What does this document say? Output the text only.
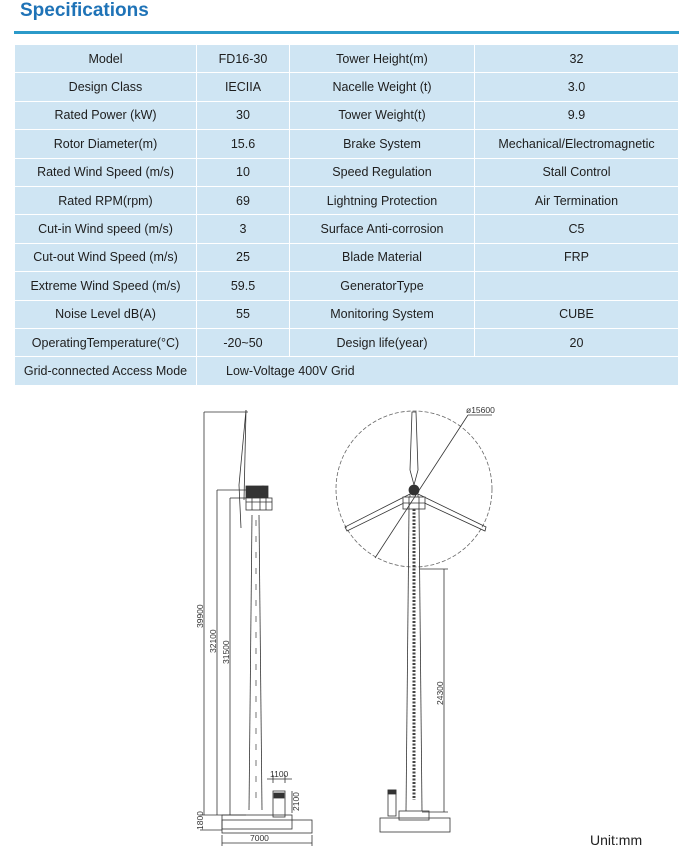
Specifications
Model	FD16-30	Tower Height(m)	32
Design Class	IECIIA	Nacelle Weight (t)	3.0
Rated Power (kW)	30	Tower Weight(t)	9.9
Rotor Diameter(m)	15.6	Brake System	Mechanical/Electromagnetic
Rated Wind Speed (m/s)	10	Speed Regulation	Stall Control
Rated RPM(rpm)	69	Lightning Protection	Air Termination
Cut-in Wind speed (m/s)	3	Surface Anti-corrosion	C5
Cut-out Wind Speed (m/s)	25	Blade Material	FRP
Extreme Wind Speed (m/s)	59.5	GeneratorType	
Noise Level dB(A)	55	Monitoring System	CUBE
OperatingTemperature(°C)	-20~50	Design life(year)	20
Grid-connected Access Mode	Low-Voltage 400V Grid		
39900
32100 31500
1800
7000
1100
2100
ø15600
24300
Unit:mm
